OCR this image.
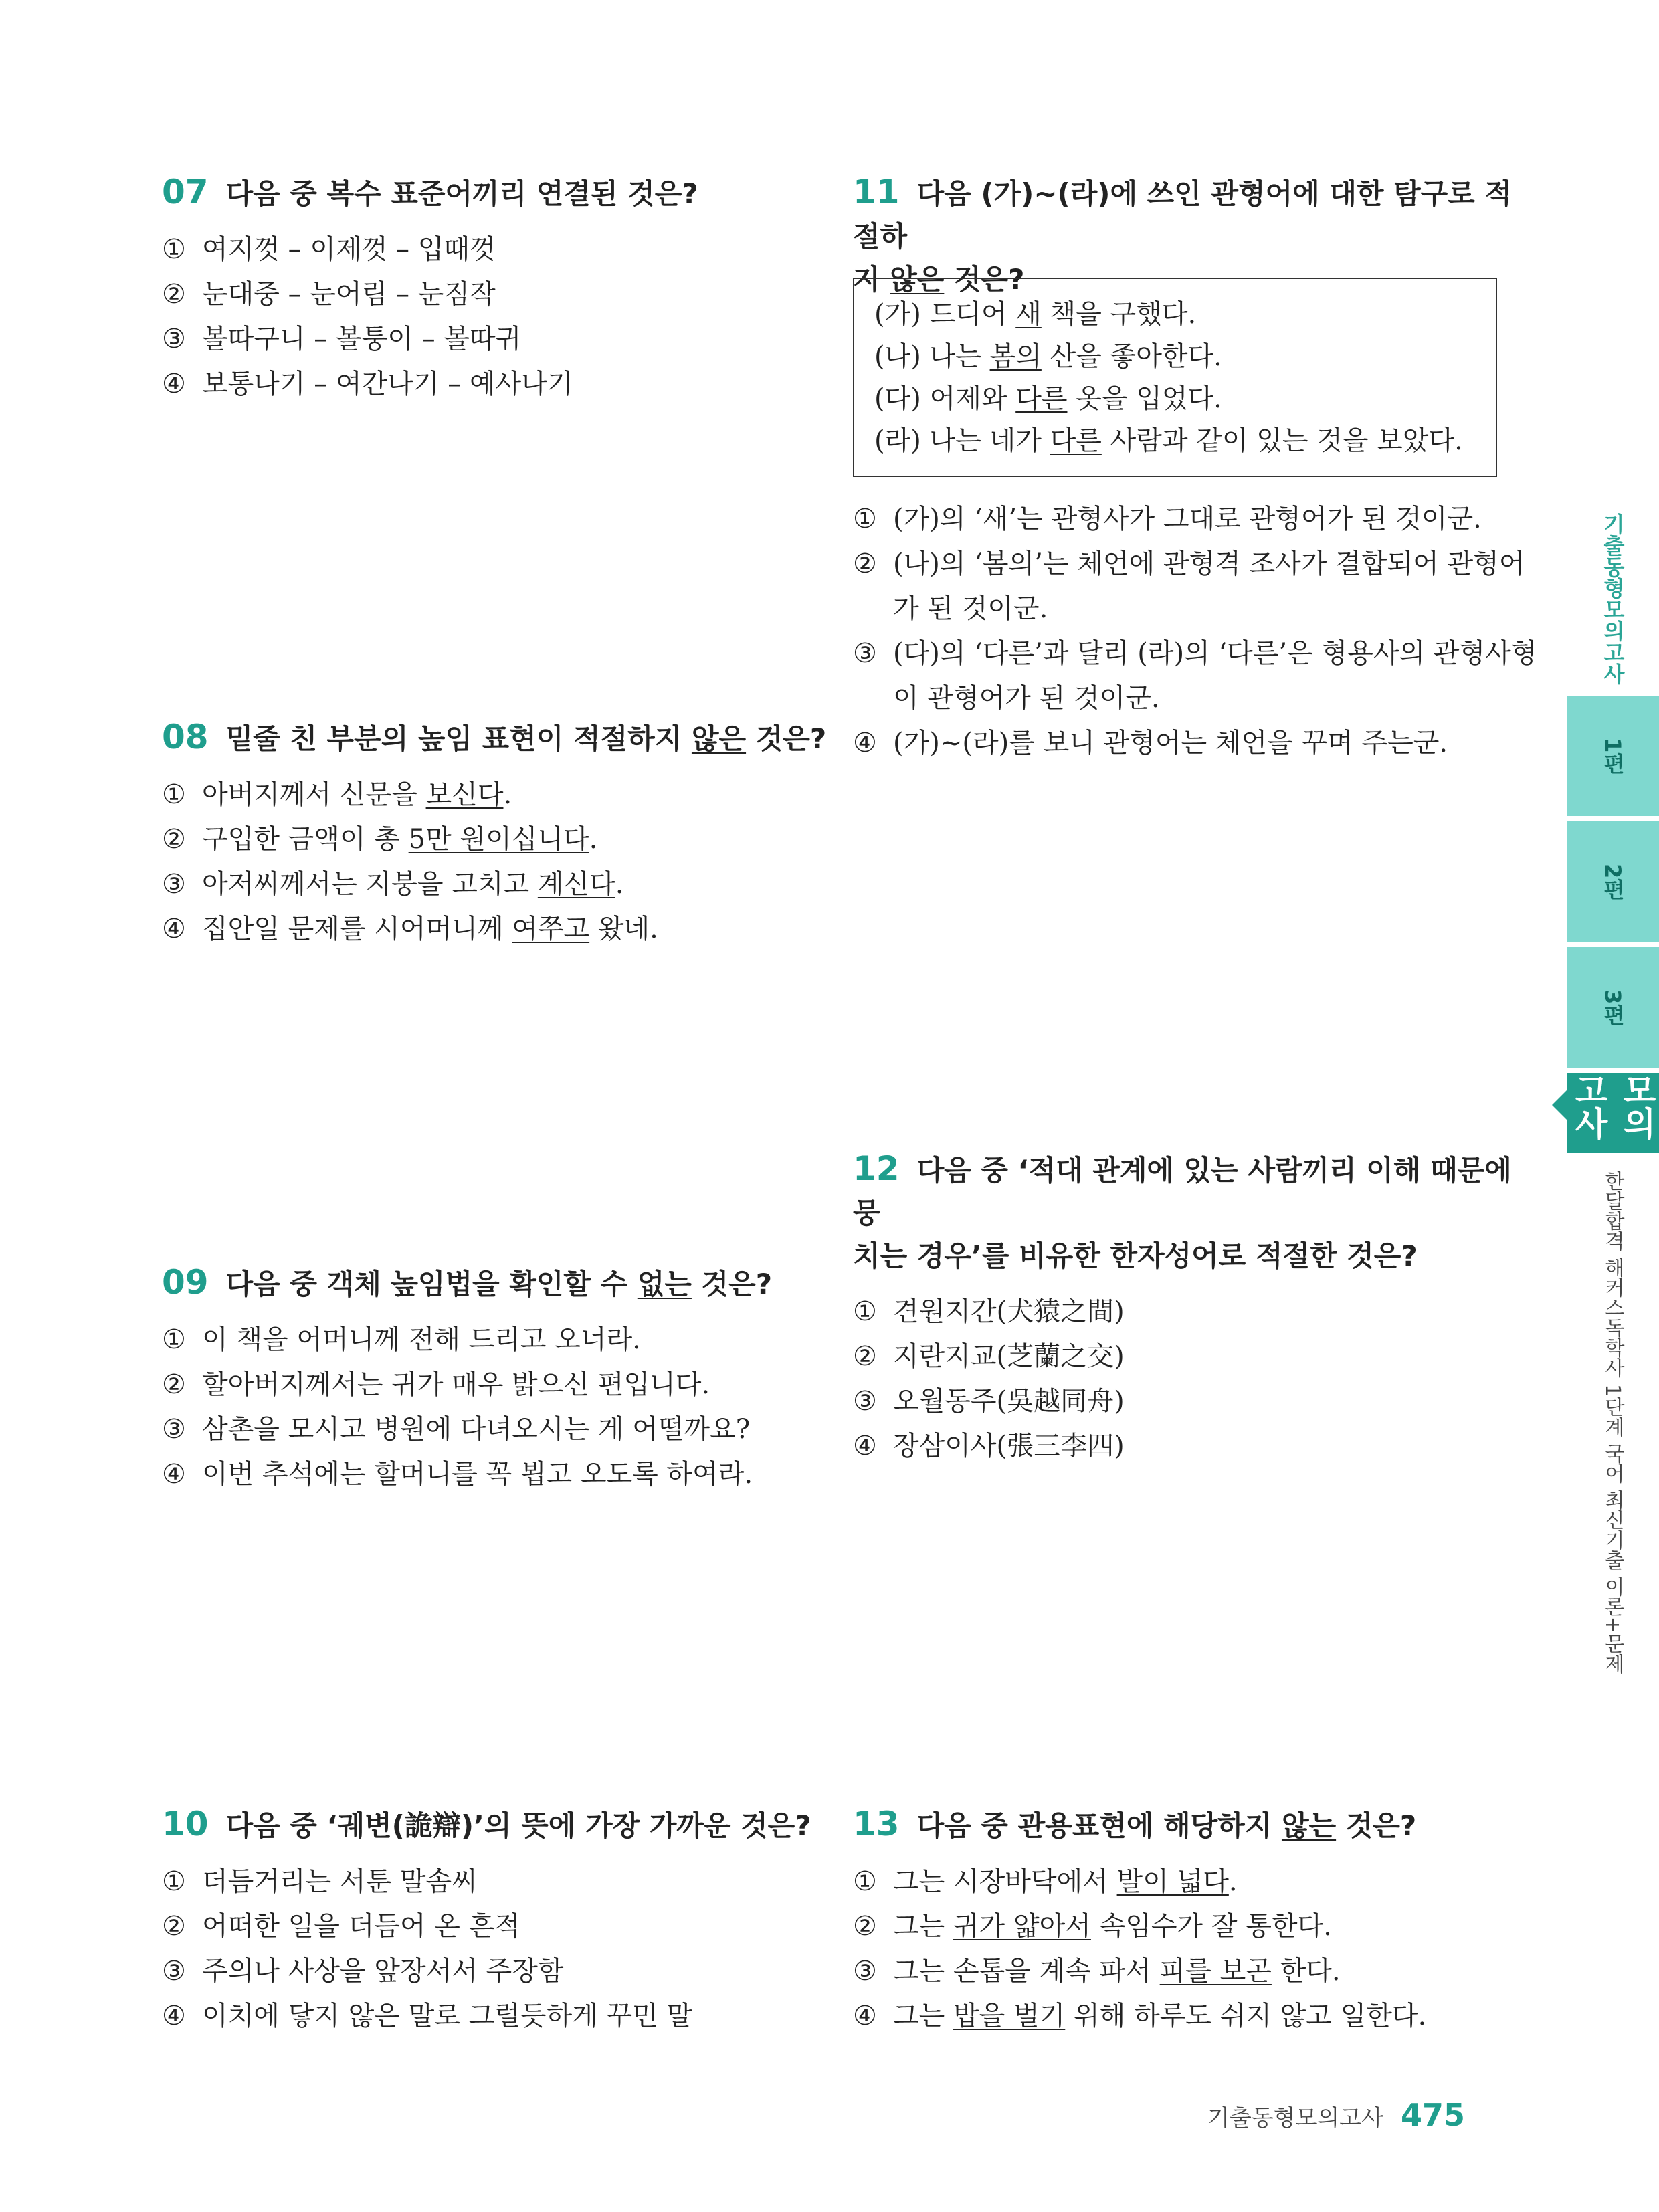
07 다음 중 복수 표준어끼리 연결된 것은?
① 여지껏 – 이제껏 – 입때껏
② 눈대중 – 눈어림 – 눈짐작
③ 볼따구니 – 볼퉁이 – 볼따귀
④ 보통나기 – 여간나기 – 예사나기
08 밑줄 친 부분의 높임 표현이 적절하지 않은 것은?
① 아버지께서 신문을 보신다.
② 구입한 금액이 총 5만 원이십니다.
③ 아저씨께서는 지붕을 고치고 계신다.
④ 집안일 문제를 시어머니께 여쭈고 왔네.
09 다음 중 객체 높임법을 확인할 수 없는 것은?
① 이 책을 어머니께 전해 드리고 오너라.
② 할아버지께서는 귀가 매우 밝으신 편입니다.
③ 삼촌을 모시고 병원에 다녀오시는 게 어떨까요?
④ 이번 추석에는 할머니를 꼭 뵙고 오도록 하여라.
10 다음 중 ‘궤변(詭辯)’의 뜻에 가장 가까운 것은?
① 더듬거리는 서툰 말솜씨
② 어떠한 일을 더듬어 온 흔적
③ 주의나 사상을 앞장서서 주장함
④ 이치에 닿지 않은 말로 그럴듯하게 꾸민 말
11 다음 (가)~(라)에 쓰인 관형어에 대한 탐구로 적절하
지 않은 것은?
(가) 드디어 새 책을 구했다.
(나) 나는 봄의 산을 좋아한다.
(다) 어제와 다른 옷을 입었다.
(라) 나는 네가 다른 사람과 같이 있는 것을 보았다.
① (가)의 ‘새’는 관형사가 그대로 관형어가 된 것이군.
② (나)의 ‘봄의’는 체언에 관형격 조사가 결합되어 관형어
가 된 것이군.
③ (다)의 ‘다른’과 달리 (라)의 ‘다른’은 형용사의 관형사형
이 관형어가 된 것이군.
④ (가)~(라)를 보니 관형어는 체언을 꾸며 주는군.
12 다음 중 ‘적대 관계에 있는 사람끼리 이해 때문에 뭉
치는 경우’를 비유한 한자성어로 적절한 것은?
① 견원지간(犬猿之間)
② 지란지교(芝蘭之交)
③ 오월동주(吳越同舟)
④ 장삼이사(張三李四)
13 다음 중 관용표현에 해당하지 않는 것은?
① 그는 시장바닥에서 발이 넓다.
② 그는 귀가 얇아서 속임수가 잘 통한다.
③ 그는 손톱을 계속 파서 피를 보곤 한다.
④ 그는 밥을 벌기 위해 하루도 쉬지 않고 일한다.
기출동형모의고사
1편
2편
3편
모의고사
한달합격 해커스독학사 1단계 국어 최신기출 이론+문제
기출동형모의고사 475
